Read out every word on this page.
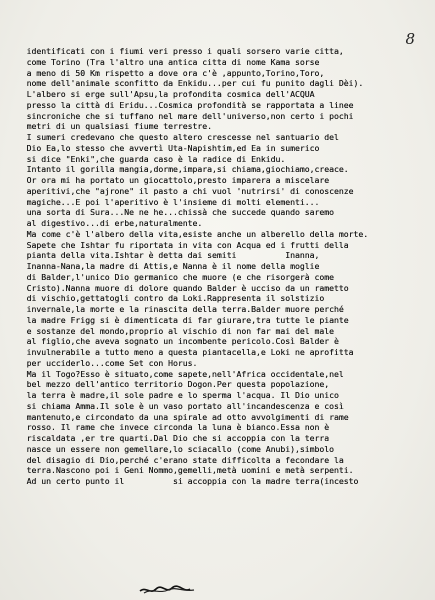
8
identificati con i fiumi veri presso i quali sorsero varie citta,
come Torino (Tra l'altro una antica citta di nome Kama sorse
a meno di 50 Km rispetto a dove ora c'è ,appunto,Torino,Toro,
nome dell'animale sconfitto da Enkidu...per cui fu punito dagli Dèi).
L'albero si erge sull'Apsu,la profondita cosmica dell'ACQUA
presso la città di Eridu...Cosmica profondità se rapportata a linee
sincroniche che si tuffano nel mare dell'universo,non certo i pochi
metri di un qualsiasi fiume terrestre.
I sumeri credevano che questo altero crescesse nel santuario del
Dio Ea,lo stesso che avvertì Uta-Napishtim,ed Ea in sumerico
si dice "Enki",che guarda caso è la radice di Enkidu.
Intanto il gorilla mangia,dorme,impara,si chiama,giochiamo,creace.
Or ora mi ha portato un giocattolo,presto imparera a miscelare
aperitivi,che "ajrone" il pasto a chi vuol 'nutrirsi' di conoscenze
magiche...E poi l'aperitivo è l'insieme di molti elementi...
una sorta di Sura...Ne ne he...chissà che succede quando saremo
al digestivo...di erbe,naturalmente.
Ma come c'è l'albero della vita,esiste anche un alberello della morte.
Sapete che Ishtar fu riportata in vita con Acqua ed i frutti della
pianta della vita.Ishtar è detta dai semiti          Inanna,
Inanna-Nana,la madre di Attis,e Nanna è il nome della moglie
di Balder,l'unico Dio germanico che muore (e che risorgerà come
Cristo).Nanna muore di dolore quando Balder è ucciso da un rametto
di vischio,gettatogli contro da Loki.Rappresenta il solstizio
invernale,la morte e la rinascita della terra.Balder muore perché
la madre Frigg si è dimenticata di far giurare,tra tutte le piante
e sostanze del mondo,proprio al vischio di non far mai del male
al figlio,che aveva sognato un incombente pericolo.Così Balder è
invulnerabile a tutto meno a questa piantacella,e Loki ne aprofitta
per ucciderlo...come Set con Horus.
Ma il Togo?Esso è situato,come sapete,nell'Africa occidentale,nel
bel mezzo dell'antico territorio Dogon.Per questa popolazione,
la terra è madre,il sole padre e lo sperma l'acqua. Il Dio unico
si chiama Amma.Il sole è un vaso portato all'incandescenza e così
mantenuto,e circondato da una spirale ad otto avvolgimenti di rame
rosso. Il rame che invece circonda la luna è bianco.Essa non è
riscaldata ,er tre quarti.Dal Dio che si accoppia con la terra
nasce un essere non gemellare,lo sciacallo (come Anubi),simbolo
del disagio di Dio,perché c'erano state difficolta a fecondare la
terra.Nascono poi i Geni Nommo,gemelli,metà uomini e metà serpenti.
Ad un certo punto il          si accoppia con la madre terra(incesto
